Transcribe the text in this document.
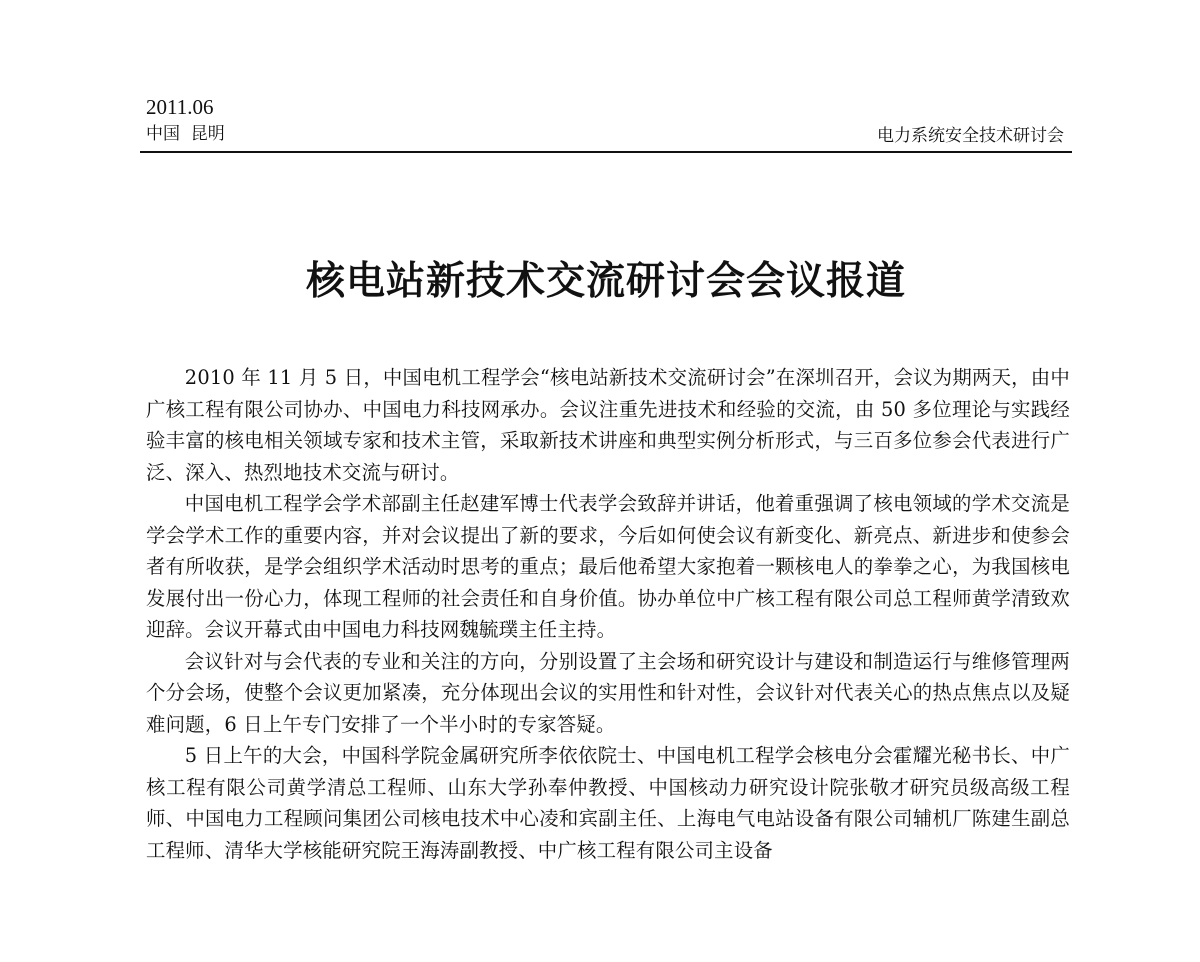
2011.06
中国  昆明	电力系统安全技术研讨会
核电站新技术交流研讨会会议报道

2010 年 11 月 5 日，中国电机工程学会“核电站新技术交流研讨会”在深圳召开，会议为期两天，由中广核工程有限公司协办、中国电力科技网承办。会议注重先进技术和经验的交流，由 50 多位理论与实践经验丰富的核电相关领域专家和技术主管，采取新技术讲座和典型实例分析形式，与三百多位参会代表进行广泛、深入、热烈地技术交流与研讨。

中国电机工程学会学术部副主任赵建军博士代表学会致辞并讲话，他着重强调了核电领域的学术交流是学会学术工作的重要内容，并对会议提出了新的要求，今后如何使会议有新变化、新亮点、新进步和使参会者有所收获，是学会组织学术活动时思考的重点；最后他希望大家抱着一颗核电人的拳拳之心，为我国核电发展付出一份心力，体现工程师的社会责任和自身价值。协办单位中广核工程有限公司总工程师黄学清致欢迎辞。会议开幕式由中国电力科技网魏毓璞主任主持。

会议针对与会代表的专业和关注的方向，分别设置了主会场和研究设计与建设和制造运行与维修管理两个分会场，使整个会议更加紧凑，充分体现出会议的实用性和针对性，会议针对代表关心的热点焦点以及疑难问题，6 日上午专门安排了一个半小时的专家答疑。

5 日上午的大会，中国科学院金属研究所李依依院士、中国电机工程学会核电分会霍耀光秘书长、中广核工程有限公司黄学清总工程师、山东大学孙奉仲教授、中国核动力研究设计院张敬才研究员级高级工程师、中国电力工程顾问集团公司核电技术中心凌和宾副主任、上海电气电站设备有限公司辅机厂陈建生副总工程师、清华大学核能研究院王海涛副教授、中广核工程有限公司主设备
